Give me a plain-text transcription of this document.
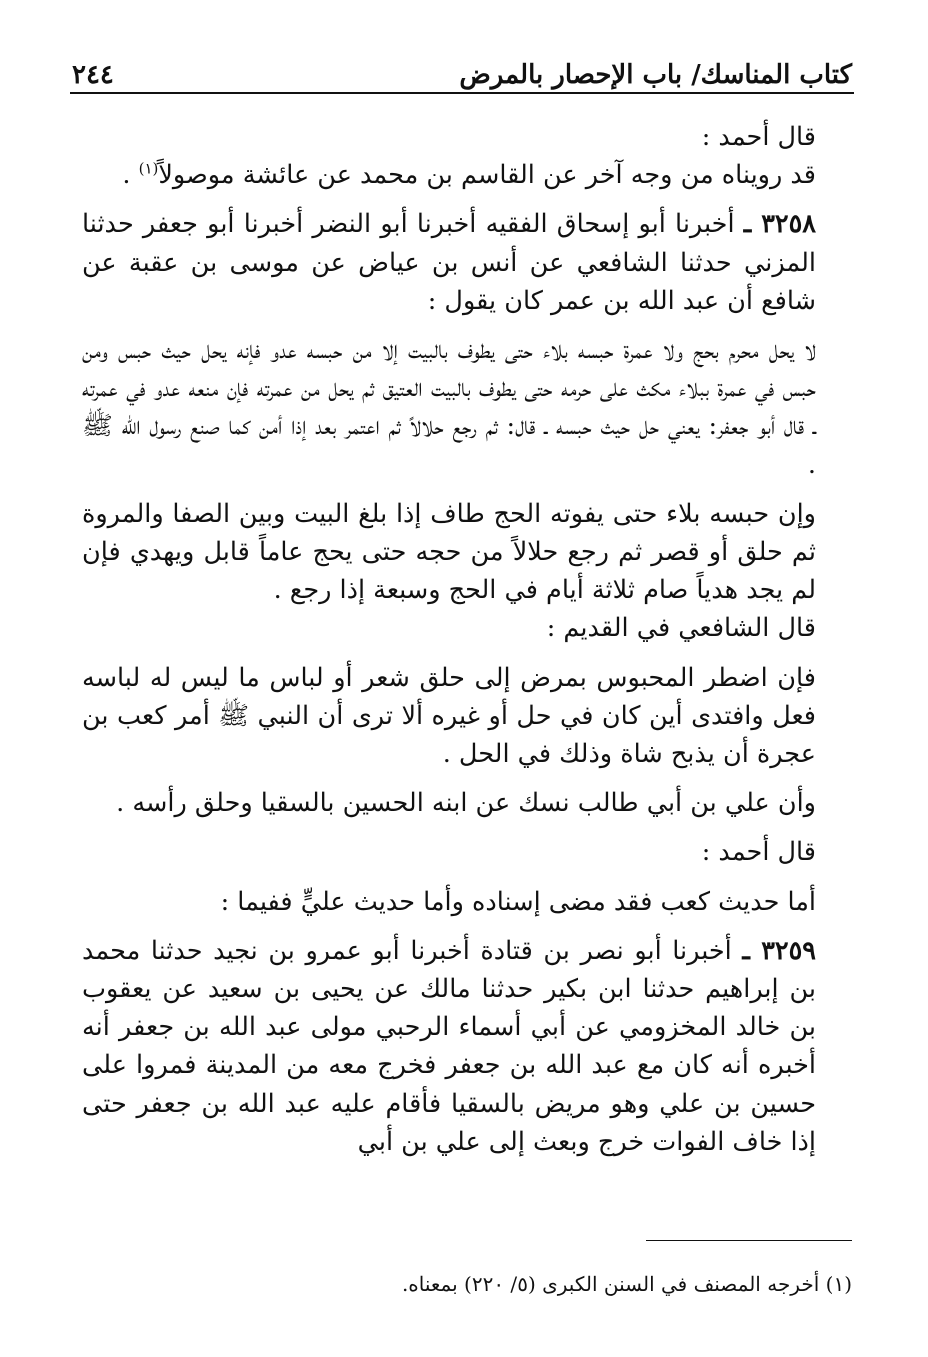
كتاب المناسك/ باب الإحصار بالمرض
٢٤٤

قال أحمد :

قد رويناه من وجه آخر عن القاسم بن محمد عن عائشة موصولاً$^{(١)}$ .

٣٢٥٨ ـ أخبرنا أبو إسحاق الفقيه أخبرنا أبو النضر أخبرنا أبو جعفر حدثنا المزني حدثنا الشافعي عن أنس بن عياض عن موسى بن عقبة عن شافع أن عبد الله بن عمر كان يقول :

لا يحل محرم بحج ولا عمرة حبسه بلاء حتى يطوف بالبيت إلا من حبسه عدو فإنه يحل حيث حبس ومن حبس في عمرة ببلاء مكث على حرمه حتى يطوف بالبيت العتيق ثم يحل من عمرته فإن منعه عدو في عمرته ـ قال أبو جعفر: يعني حل حيث حبسه ـ قال: ثم رجع حلالاً ثم اعتمر بعد إذا أمن كما صنع رسول الله ﷺ .

وإن حبسه بلاء حتى يفوته الحج طاف إذا بلغ البيت وبين الصفا والمروة ثم حلق أو قصر ثم رجع حلالاً من حجه حتى يحج عاماً قابل ويهدي فإن لم يجد هدياً صام ثلاثة أيام في الحج وسبعة إذا رجع .

قال الشافعي في القديم :

فإن اضطر المحبوس بمرض إلى حلق شعر أو لباس ما ليس له لباسه فعل وافتدى أين كان في حل أو غيره ألا ترى أن النبي ﷺ أمر كعب بن عجرة أن يذبح شاة وذلك في الحل .

وأن علي بن أبي طالب نسك عن ابنه الحسين بالسقيا وحلق رأسه .

قال أحمد :

أما حديث كعب فقد مضى إسناده وأما حديث عليٍّ ففيما :

٣٢٥٩ ـ أخبرنا أبو نصر بن قتادة أخبرنا أبو عمرو بن نجيد حدثنا محمد بن إبراهيم حدثنا ابن بكير حدثنا مالك عن يحيى بن سعيد عن يعقوب بن خالد المخزومي عن أبي أسماء الرحبي مولى عبد الله بن جعفر أنه أخبره أنه كان مع عبد الله بن جعفر فخرج معه من المدينة فمروا على حسين بن علي وهو مريض بالسقيا فأقام عليه عبد الله بن جعفر حتى إذا خاف الفوات خرج وبعث إلى علي بن أبي

(١) أخرجه المصنف في السنن الكبرى (٥/ ٢٢٠) بمعناه.
